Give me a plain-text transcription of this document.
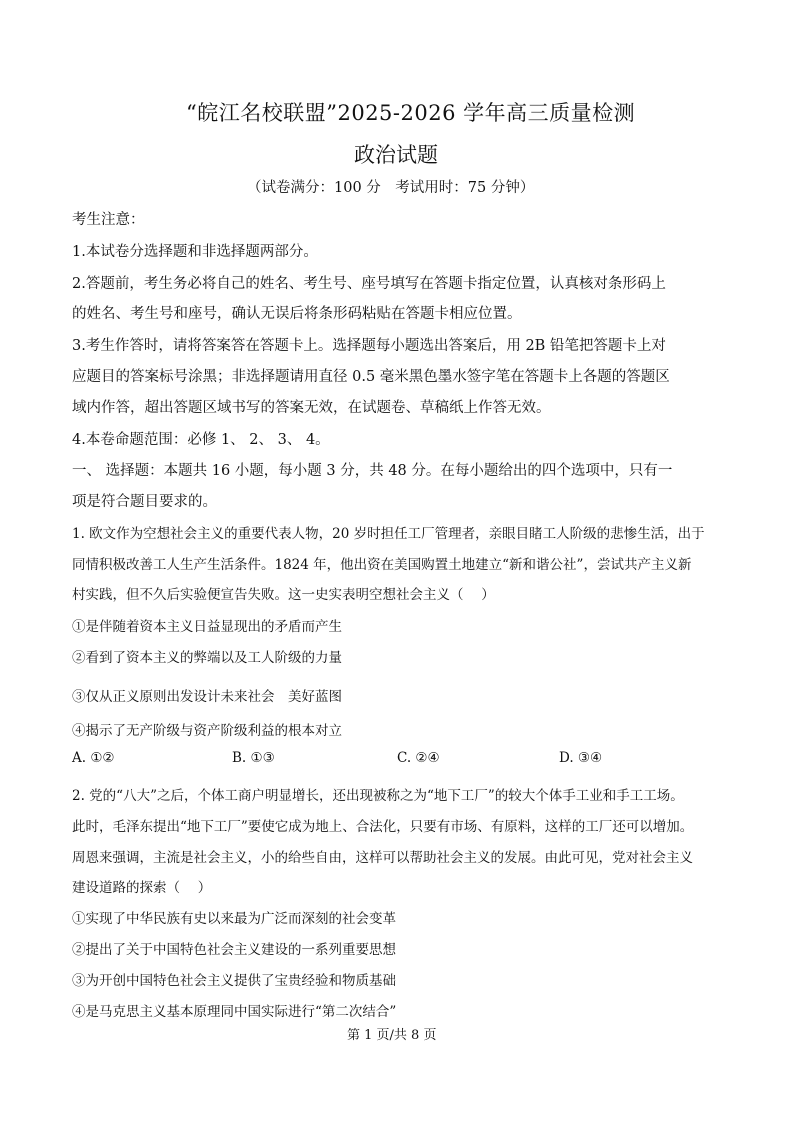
“皖江名校联盟”2025-2026 学年高三质量检测
政治试题
（试卷满分：100 分　考试用时：75 分钟）
考生注意：
1.本试卷分选择题和非选择题两部分。
2.答题前，考生务必将自己的姓名、考生号、座号填写在答题卡指定位置，认真核对条形码上
的姓名、考生号和座号，确认无误后将条形码粘贴在答题卡相应位置。
3.考生作答时，请将答案答在答题卡上。选择题每小题选出答案后，用 2B 铅笔把答题卡上对
应题目的答案标号涂黑；非选择题请用直径 0.5 毫米黑色墨水签字笔在答题卡上各题的答题区
域内作答，超出答题区域书写的答案无效，在试题卷、草稿纸上作答无效。
4.本卷命题范围：必修 1、 2、 3、 4。
一、 选择题：本题共 16 小题，每小题 3 分，共 48 分。在每小题给出的四个选项中，只有一
项是符合题目要求的。
1. 欧文作为空想社会主义的重要代表人物，20 岁时担任工厂管理者，亲眼目睹工人阶级的悲惨生活，出于
同情积极改善工人生产生活条件。1824 年，他出资在美国购置土地建立“新和谐公社”，尝试共产主义新
村实践，但不久后实验便宣告失败。这一史实表明空想社会主义（　 ）
①是伴随着资本主义日益显现出的矛盾而产生
②看到了资本主义的弊端以及工人阶级的力量
③仅从正义原则出发设计未来社会　美好蓝图
④揭示了无产阶级与资产阶级利益的根本对立
A. ①②	B. ①③	C. ②④	D. ③④
2. 党的“八大”之后，个体工商户明显增长，还出现被称之为“地下工厂”的较大个体手工业和手工工场。
此时，毛泽东提出“地下工厂”要使它成为地上、合法化，只要有市场、有原料，这样的工厂还可以增加。
周恩来强调，主流是社会主义，小的给些自由，这样可以帮助社会主义的发展。由此可见，党对社会主义
建设道路的探索（　 ）
①实现了中华民族有史以来最为广泛而深刻的社会变革
②提出了关于中国特色社会主义建设的一系列重要思想
③为开创中国特色社会主义提供了宝贵经验和物质基础
④是马克思主义基本原理同中国实际进行“第二次结合”
第 1 页/共 8 页
